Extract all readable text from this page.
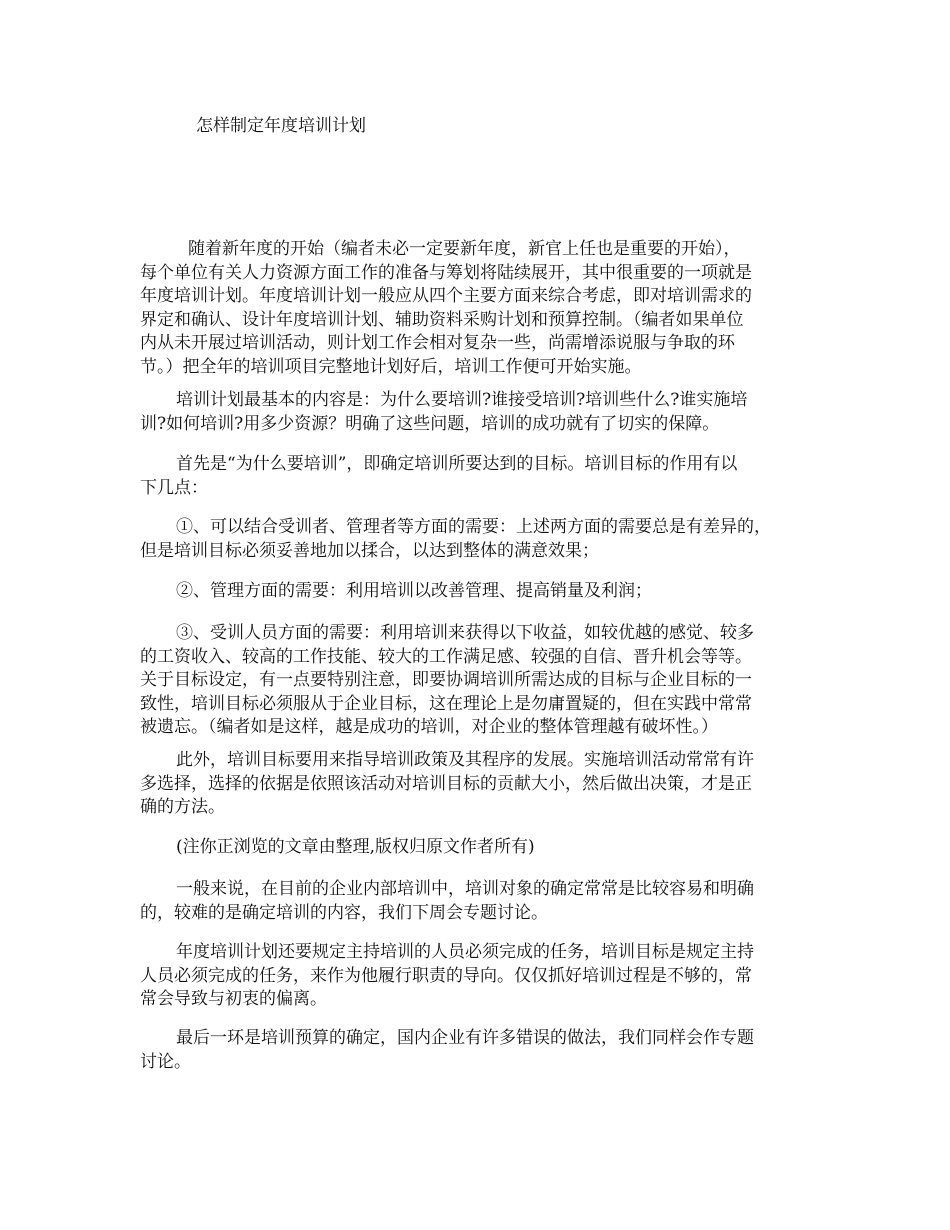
怎样制定年度培训计划

随着新年度的开始（编者未必一定要新年度，新官上任也是重要的开始），
每个单位有关人力资源方面工作的准备与筹划将陆续展开，其中很重要的一项就是
年度培训计划。年度培训计划一般应从四个主要方面来综合考虑，即对培训需求的
界定和确认、设计年度培训计划、辅助资料采购计划和预算控制。（编者如果单位
内从未开展过培训活动，则计划工作会相对复杂一些，尚需增添说服与争取的环
节。）把全年的培训项目完整地计划好后，培训工作便可开始实施。

培训计划最基本的内容是：为什么要培训?谁接受培训?培训些什么?谁实施培
训?如何培训?用多少资源？明确了这些问题，培训的成功就有了切实的保障。

首先是“为什么要培训”，即确定培训所要达到的目标。培训目标的作用有以
下几点：

①、可以结合受训者、管理者等方面的需要：上述两方面的需要总是有差异的，
但是培训目标必须妥善地加以揉合，以达到整体的满意效果；

②、管理方面的需要：利用培训以改善管理、提高销量及利润；

③、受训人员方面的需要：利用培训来获得以下收益，如较优越的感觉、较多
的工资收入、较高的工作技能、较大的工作满足感、较强的自信、晋升机会等等。
关于目标设定，有一点要特别注意，即要协调培训所需达成的目标与企业目标的一
致性，培训目标必须服从于企业目标，这在理论上是勿庸置疑的，但在实践中常常
被遗忘。（编者如是这样，越是成功的培训，对企业的整体管理越有破坏性。）

此外，培训目标要用来指导培训政策及其程序的发展。实施培训活动常常有许
多选择，选择的依据是依照该活动对培训目标的贡献大小，然后做出决策，才是正
确的方法。

(注你正浏览的文章由整理,版权归原文作者所有)

一般来说，在目前的企业内部培训中，培训对象的确定常常是比较容易和明确
的，较难的是确定培训的内容，我们下周会专题讨论。

年度培训计划还要规定主持培训的人员必须完成的任务，培训目标是规定主持
人员必须完成的任务，来作为他履行职责的导向。仅仅抓好培训过程是不够的，常
常会导致与初衷的偏离。

最后一环是培训预算的确定，国内企业有许多错误的做法，我们同样会作专题
讨论。
